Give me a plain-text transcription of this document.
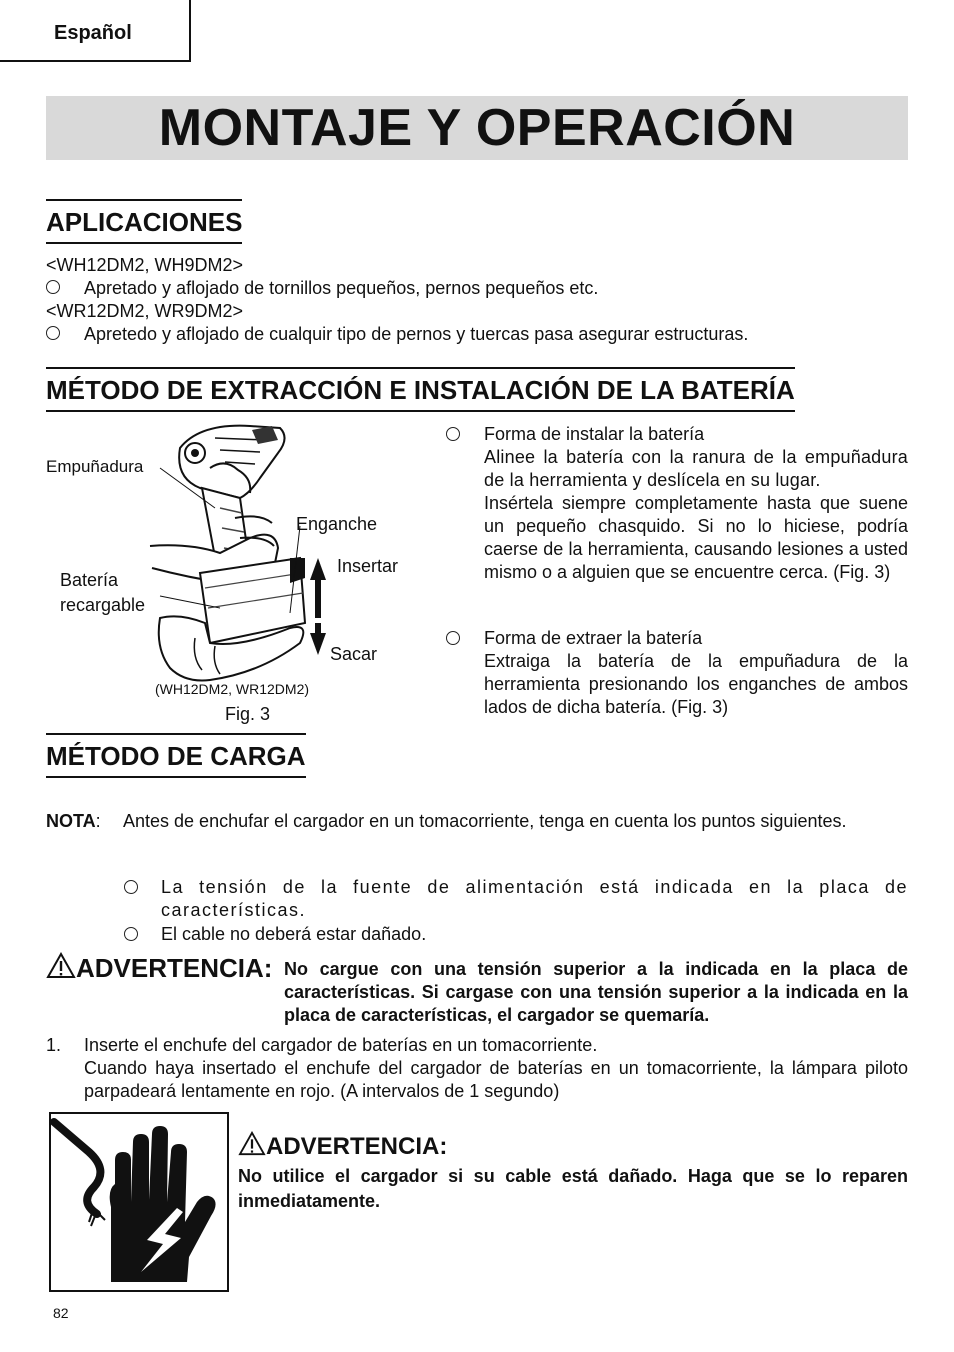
Español
MONTAJE Y OPERACIÓN
APLICACIONES
<WH12DM2, WH9DM2>
Apretado y aflojado de tornillos pequeños, pernos pequeños etc.
<WR12DM2, WR9DM2>
Apretedo y aflojado de cualquir tipo de pernos y tuercas pasa asegurar estructuras.
MÉTODO DE EXTRACCIÓN E INSTALACIÓN DE LA BATERÍA
Empuñadura
Enganche
Insertar
Batería
recargable
Sacar
(WH12DM2, WR12DM2)
Fig. 3
Forma de instalar la batería
Alinee la batería con la ranura de la empuñadura de la herramienta y deslícela en su lugar.
Insértela siempre completamente hasta que suene un pequeño chasquido. Si no lo hiciese, podría caerse de la herramienta, causando lesiones a usted mismo o a alguien que se encuentre cerca. (Fig. 3)
Forma de extraer la batería
Extraiga la batería de la empuñadura de la herramienta presionando los enganches de ambos lados de dicha batería. (Fig. 3)
MÉTODO DE CARGA
NOTA: Antes de enchufar el cargador en un tomacorriente, tenga en cuenta los puntos siguientes.
La tensión de la fuente de alimentación está indicada en la placa de características.
El cable no deberá estar dañado.
ADVERTENCIA: No cargue con una tensión superior a la indicada en la placa de características. Si cargase con una tensión superior a la indicada en la placa de características, el cargador se quemaría.
1. Inserte el enchufe del cargador de baterías en un tomacorriente.
Cuando haya insertado el enchufe del cargador de baterías en un tomacorriente, la lámpara piloto parpadeará lentamente en rojo. (A intervalos de 1 segundo)
ADVERTENCIA:
No utilice el cargador si su cable está dañado. Haga que se lo reparen inmediatamente.
82
